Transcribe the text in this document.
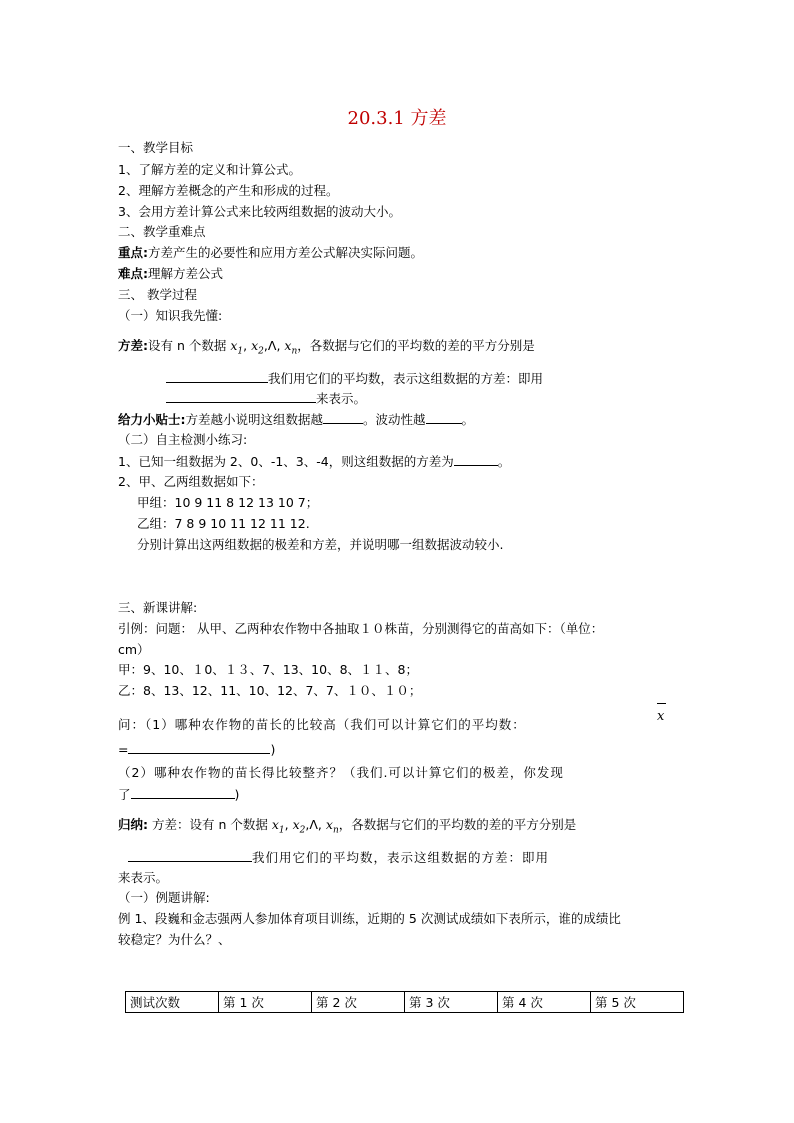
20.3.1 方差
一、教学目标
1、了解方差的定义和计算公式。
2、理解方差概念的产生和形成的过程。
3、会用方差计算公式来比较两组数据的波动大小。
二、教学重难点
重点:方差产生的必要性和应用方差公式解决实际问题。
难点:理解方差公式
三、 教学过程
（一）知识我先懂:
方差:设有 n 个数据 $x_1$, $x_2,\Lambda$, $x_n$，各数据与它们的平均数的差的平方分别是
我们用它们的平均数，表示这组数据的方差：即用
来表示。
给力小贴士:方差越小说明这组数据越	。波动性越	。
（二）自主检测小练习:
1、已知一组数据为 2、0、-1、3、-4，则这组数据的方差为	。
2、甲、乙两组数据如下：
甲组：10 9 11 8 12 13 10 7；
乙组：7 8 9 10 11 12 11 12.
分别计算出这两组数据的极差和方差，并说明哪一组数据波动较小.
三、新课讲解:
引例：问题： 从甲、乙两种农作物中各抽取１０株苗，分别测得它的苗高如下：（单位：
cm）
甲：9、10、１0、１３、7、13、10、8、１１、8；
乙：8、13、12、11、10、12、7、7、１０、１０；
问：（1）哪种农作物的苗长的比较高（我们可以计算它们的平均数：
x
=	)
（2）哪种农作物的苗长得比较整齐？（我们.可以计算它们的极差，你发现
了	)
归纳: 方差：设有 n 个数据 $x_1$, $x_2,\Lambda$, $x_n$，各数据与它们的平均数的差的平方分别是
我们用它们的平均数，表示这组数据的方差：即用
来表示。
（一）例题讲解:
例 1、段巍和金志强两人参加体育项目训练，近期的 5 次测试成绩如下表所示，谁的成绩比
较稳定？为什么？、
测试次数	第 1 次	第 2 次	第 3 次	第 4 次	第 5 次
